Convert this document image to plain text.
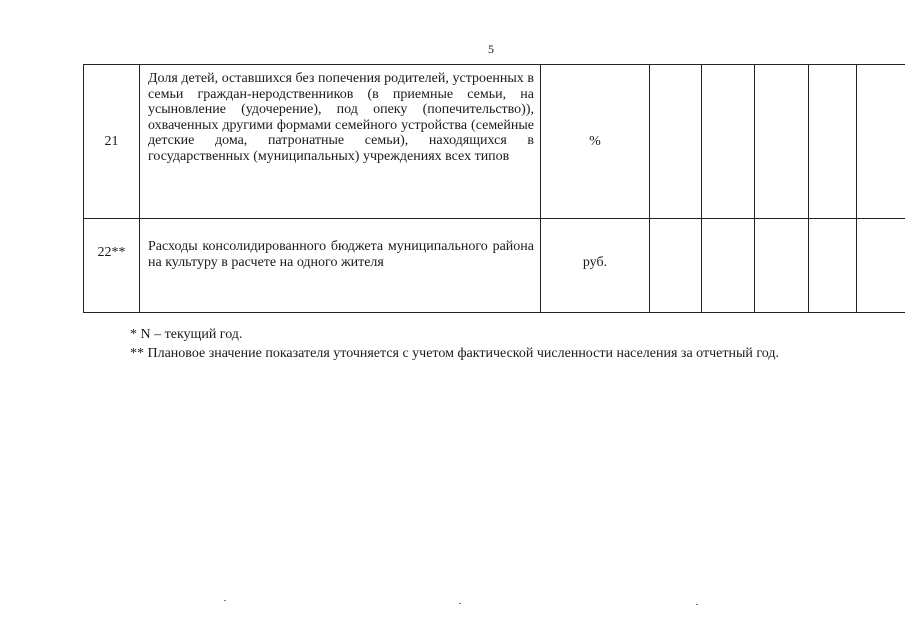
5
21	Доля детей, оставшихся без попечения родителей, устроенных в семьи граждан-неродственников (в приемные семьи, на усыновление (удочерение), под опеку (попечительство)), охваченных другими формами семейного устройства (семейные детские дома, патронатные семьи), находящихся в государственных (муниципальных) учреждениях всех типов	%					
22**	Расходы консолидированного бюджета муниципального района на культуру в расчете на одного жителя	руб.					
* N – текущий год.
** Плановое значение показателя уточняется с учетом фактической численности населения за отчетный год.
